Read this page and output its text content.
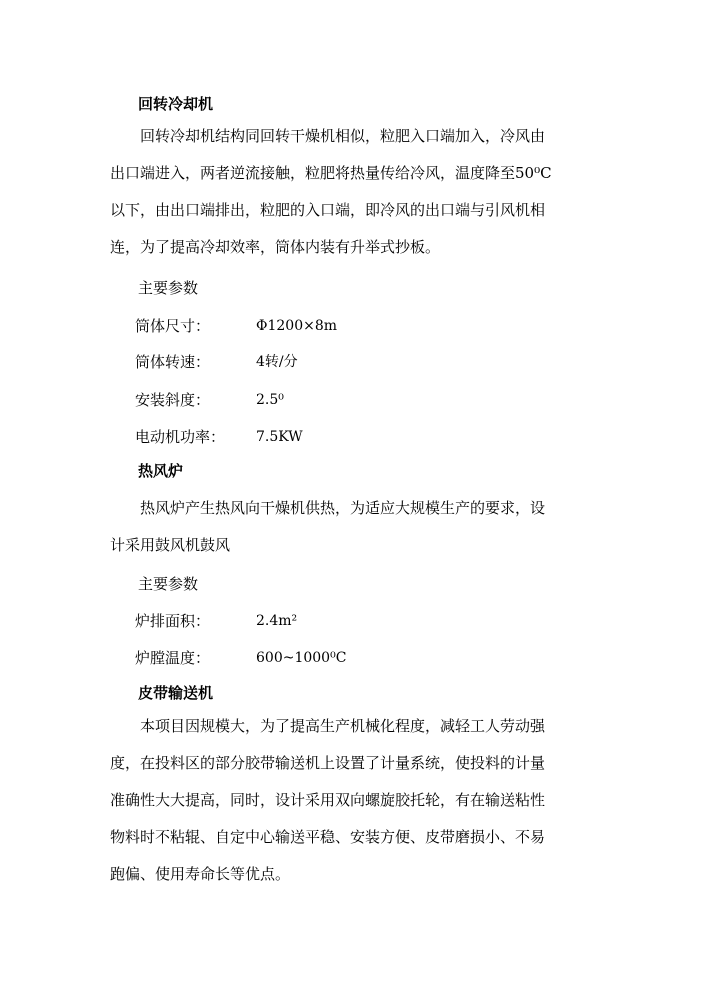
回转冷却机
回转冷却机结构同回转干燥机相似，粒肥入口端加入，冷风由
出口端进入，两者逆流接触，粒肥将热量传给冷风，温度降至50⁰C
以下，由出口端排出，粒肥的入口端，即冷风的出口端与引风机相
连，为了提高冷却效率，筒体内装有升举式抄板。
主要参数
筒体尺寸：	Φ1200×8m
筒体转速：	4转/分
安装斜度：	2.5⁰
电动机功率： 7.5KW
热风炉
热风炉产生热风向干燥机供热，为适应大规模生产的要求，设
计采用鼓风机鼓风
主要参数
炉排面积：	2.4m²
炉膛温度：	600~1000⁰C
皮带输送机
本项目因规模大，为了提高生产机械化程度，减轻工人劳动强
度，在投料区的部分胶带输送机上设置了计量系统，使投料的计量
准确性大大提高，同时，设计采用双向螺旋胶托轮，有在输送粘性
物料时不粘辊、自定中心输送平稳、安装方便、皮带磨损小、不易
跑偏、使用寿命长等优点。
